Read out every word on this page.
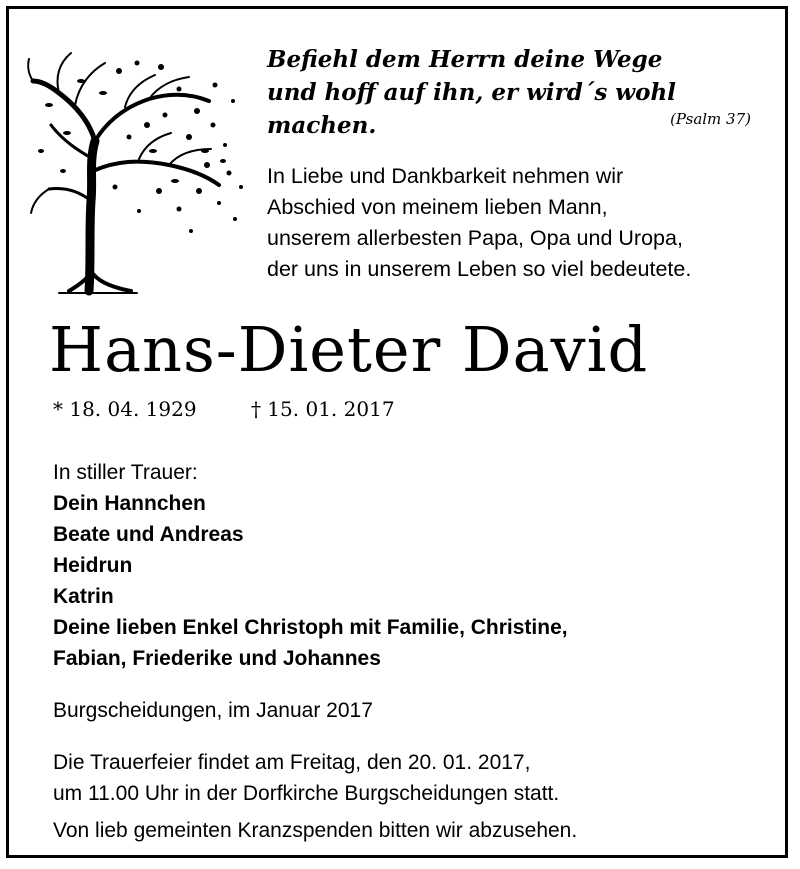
Befiehl dem Herrn deine Wege
und hoff auf ihn, er wird´s wohl machen.	(Psalm 37)
In Liebe und Dankbarkeit nehmen wir
Abschied von meinem lieben Mann,
unserem allerbesten Papa, Opa und Uropa,
der uns in unserem Leben so viel bedeutete.
Hans-Dieter David
* 18. 04. 1929	† 15. 01. 2017
In stiller Trauer:
Dein Hannchen
Beate und Andreas
Heidrun
Katrin
Deine lieben Enkel Christoph mit Familie, Christine,
Fabian, Friederike und Johannes
Burgscheidungen, im Januar 2017
Die Trauerfeier findet am Freitag, den 20. 01. 2017,
um 11.00 Uhr in der Dorfkirche Burgscheidungen statt.
Von lieb gemeinten Kranzspenden bitten wir abzusehen.
